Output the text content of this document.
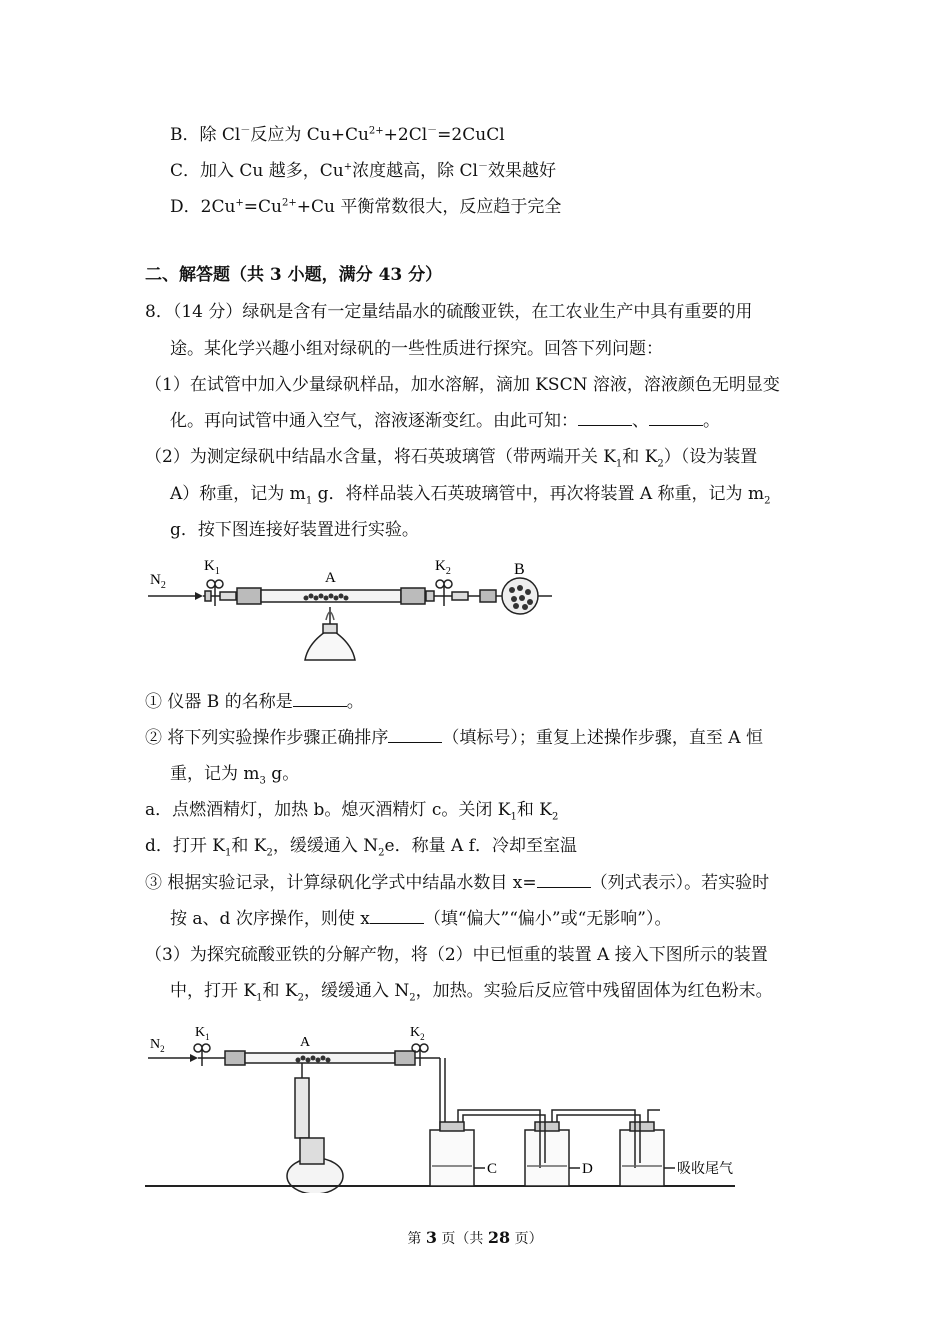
B．除 Cl－反应为 $Cu+Cu^{2+}+2Cl^-=2CuCl$
C．加入 Cu 越多，Cu+浓度越高，除 Cl－效果越好
D．$2Cu^+=Cu^{2+}+Cu$ 平衡常数很大，反应趋于完全
二、解答题（共 3 小题，满分 43 分）
8．（14 分）绿矾是含有一定量结晶水的硫酸亚铁，在工农业生产中具有重要的用
途。某化学兴趣小组对绿矾的一些性质进行探究。回答下列问题：
（1）在试管中加入少量绿矾样品，加水溶解，滴加 KSCN 溶液，溶液颜色无明显变
化。再向试管中通入空气，溶液逐渐变红。由此可知：	、	。
（2）为测定绿矾中结晶水含量，将石英玻璃管（带两端开关 $K_1$和 $K_2$）（设为装置
A）称重，记为 $m_1$ g．将样品装入石英玻璃管中，再次将装置 A 称重，记为 $m_2$
g．按下图连接好装置进行实验。
$N_2$
$K_1$	A
$K_2$	B
① 仪器 B 的名称是	。
② 将下列实验操作步骤正确排序	（填标号）；重复上述操作步骤，直至 A 恒
重，记为 $m_3$ g。
a．点燃酒精灯，加热 b。熄灭酒精灯 c。关闭 $K_1$和 $K_2$
d．打开 $K_1$和 $K_2$，缓缓通入 $N_2e$．称量 A f．冷却至室温
③ 根据实验记录，计算绿矾化学式中结晶水数目 x=	（列式表示）。若实验时
按 a、d 次序操作，则使 x	（填“偏大”“偏小”或“无影响”）。
（3）为探究硫酸亚铁的分解产物，将（2）中已恒重的装置 A 接入下图所示的装置
中，打开 $K_1$和 $K_2$，缓缓通入 $N_2$，加热。实验后反应管中残留固体为红色粉末。
$N_2$
$K_1$	A
$K_2$
C	D	吸收尾气
第 3 页（共 28 页）
